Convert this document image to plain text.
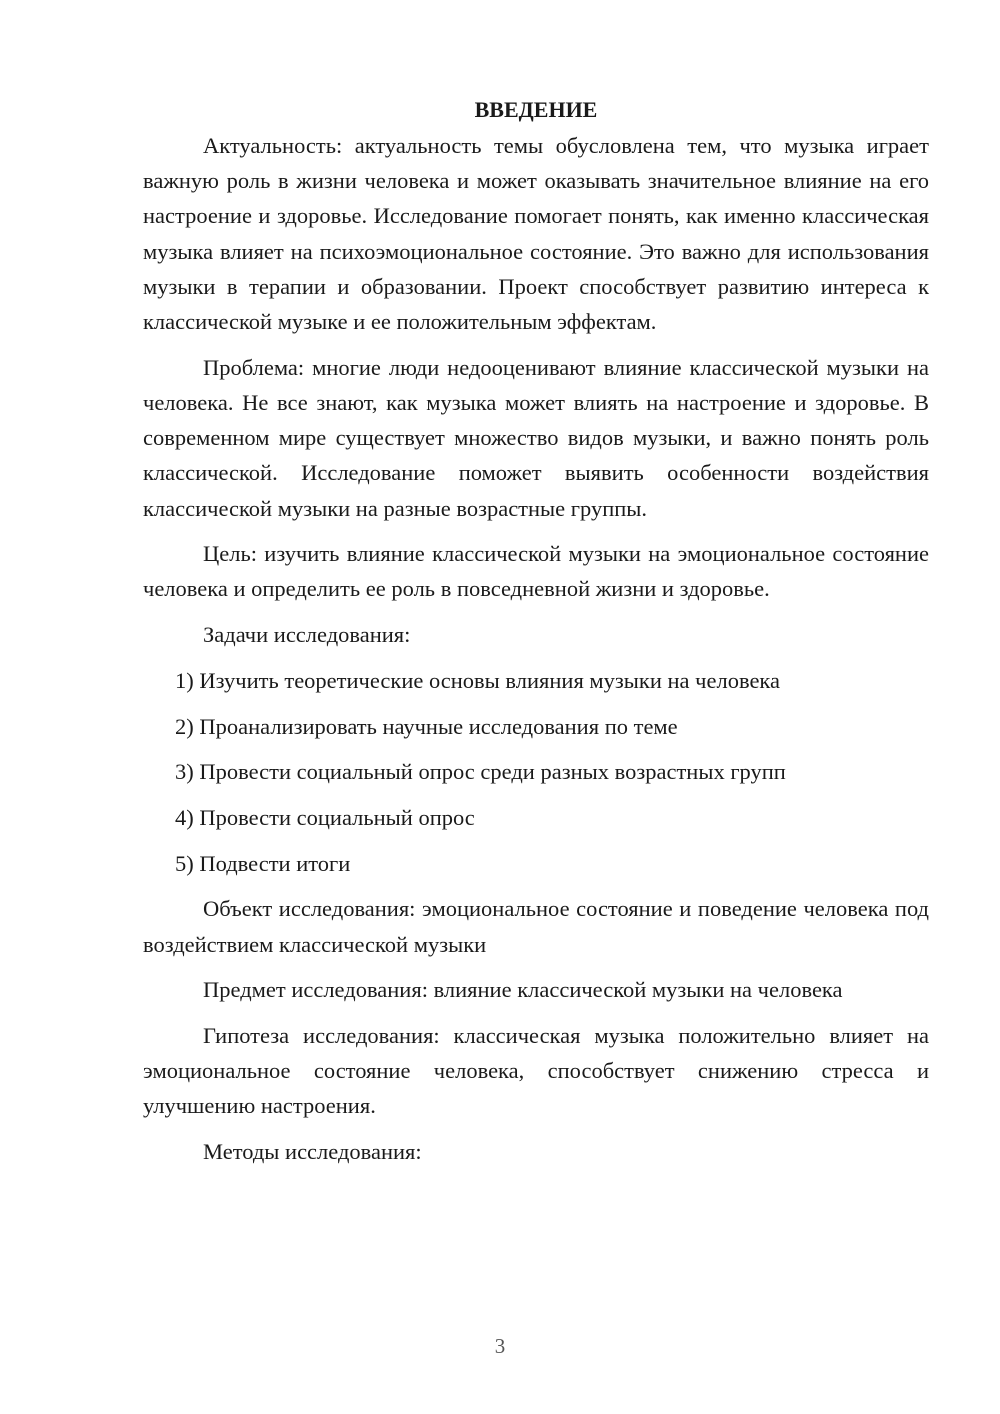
ВВЕДЕНИЕ

Актуальность: актуальность темы обусловлена тем, что музыка играет важную роль в жизни человека и может оказывать значительное влияние на его настроение и здоровье. Исследование помогает понять, как именно классическая музыка влияет на психоэмоциональное состояние. Это важно для использования музыки в терапии и образовании. Проект способствует развитию интереса к классической музыке и ее положительным эффектам.

Проблема: многие люди недооценивают влияние классической музыки на человека. Не все знают, как музыка может влиять на настроение и здоровье. В современном мире существует множество видов музыки, и важно понять роль классической. Исследование поможет выявить особенности воздействия классической музыки на разные возрастные группы.

Цель: изучить влияние классической музыки на эмоциональное состояние человека и определить ее роль в повседневной жизни и здоровье.

Задачи исследования:

1) Изучить теоретические основы влияния музыки на человека

2) Проанализировать научные исследования по теме

3) Провести социальный опрос среди разных возрастных групп

4) Провести социальный опрос

5) Подвести итоги

Объект исследования: эмоциональное состояние и поведение человека под воздействием классической музыки

Предмет исследования: влияние классической музыки на человека

Гипотеза исследования: классическая музыка положительно влияет на эмоциональное состояние человека, способствует снижению стресса и улучшению настроения.

Методы исследования:

3
